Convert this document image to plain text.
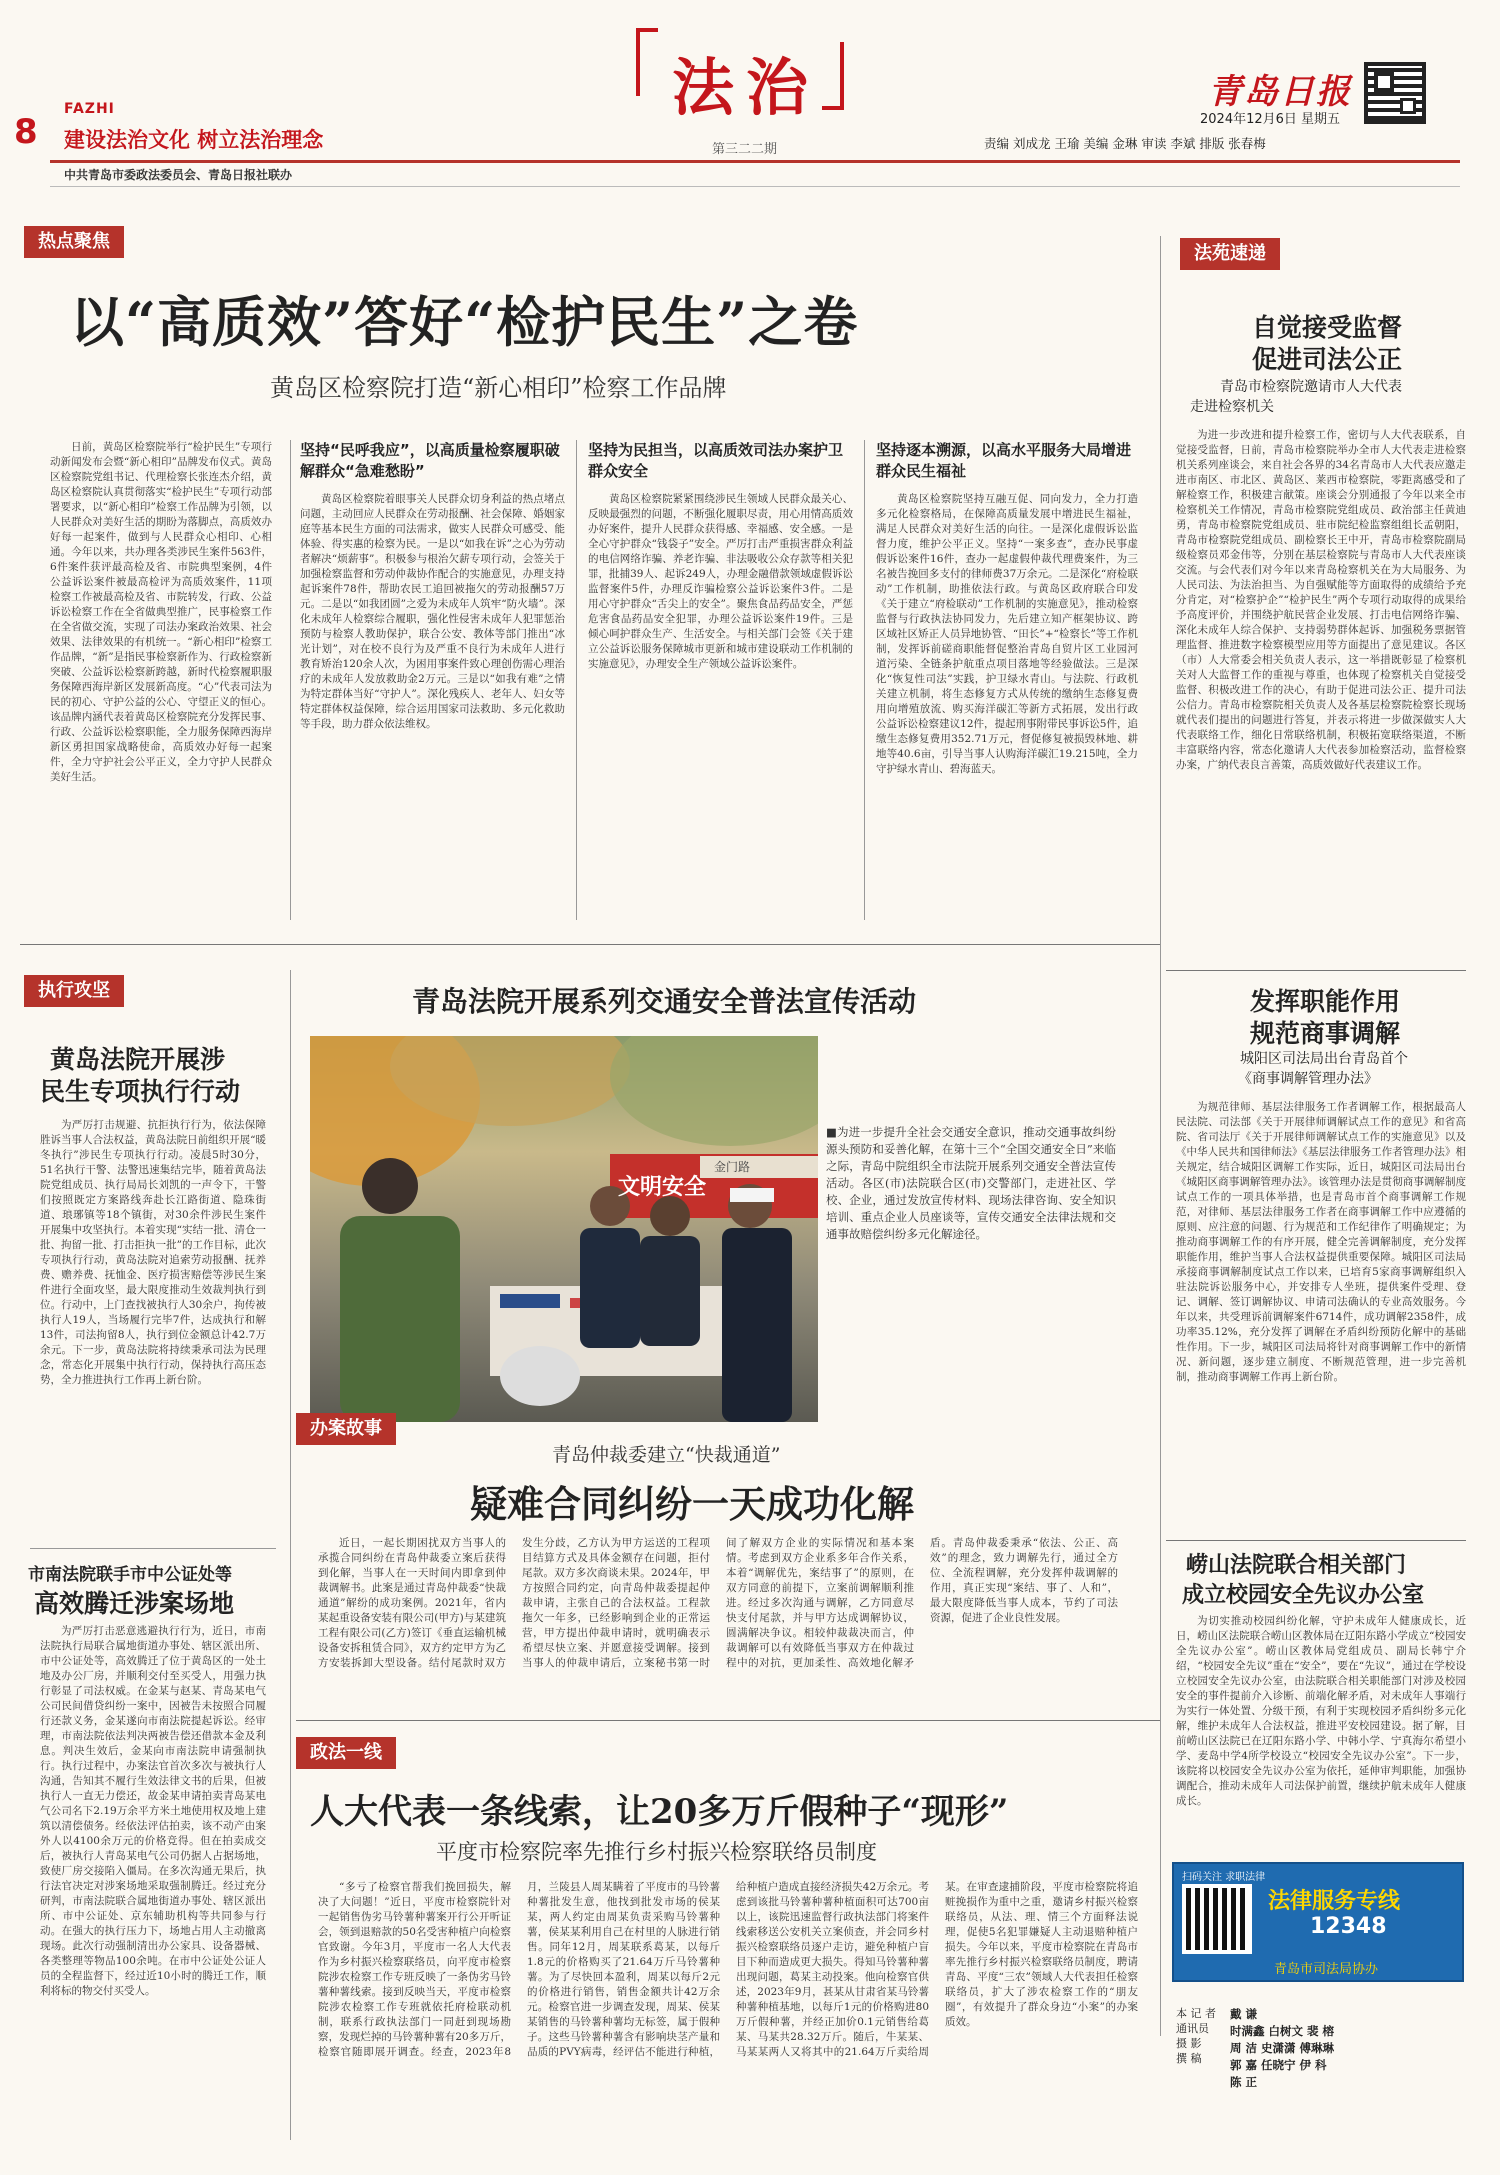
8
FAZHI
建设法治文化 树立法治理念
法治
第三二二期
青岛日报
2024年12月6日 星期五
责编 刘成龙 王瑜 美编 金琳 审读 李斌 排版 张春梅
中共青岛市委政法委员会、青岛日报社联办
热点聚焦
以“高质效”答好“检护民生”之卷
黄岛区检察院打造“新心相印”检察工作品牌

日前，黄岛区检察院举行“检护民生”专项行动新闻发布会暨“新心相印”品牌发布仪式。黄岛区检察院党组书记、代理检察长张连杰介绍，黄岛区检察院认真贯彻落实“检护民生”专项行动部署要求，以“新心相印”检察工作品牌为引领，以人民群众对美好生活的期盼为落脚点，高质效办好每一起案件，做到与人民群众心相印、心相通。今年以来，共办理各类涉民生案件563件，6件案件获评最高检及省、市院典型案例，4件公益诉讼案件被最高检评为高质效案件，11项检察工作被最高检及省、市院转发，行政、公益诉讼检察工作在全省做典型推广，民事检察工作在全省做交流，实现了司法办案政治效果、社会效果、法律效果的有机统一。“新心相印”检察工作品牌，“新”是指民事检察新作为、行政检察新突破、公益诉讼检察新跨越，新时代检察履职服务保障西海岸新区发展新高度。“心”代表司法为民的初心、守护公益的公心、守望正义的恒心。该品牌内涵代表着黄岛区检察院充分发挥民事、行政、公益诉讼检察职能，全力服务保障西海岸新区勇担国家战略使命，高质效办好每一起案件，全力守护社会公平正义，全力守护人民群众美好生活。

坚持“民呼我应”，以高质量检察履职破解群众“急难愁盼”

黄岛区检察院着眼事关人民群众切身利益的热点堵点问题，主动回应人民群众在劳动报酬、社会保障、婚姻家庭等基本民生方面的司法需求，做实人民群众可感受、能体验、得实惠的检察为民。一是以“如我在诉”之心为劳动者解决“烦薪事”。积极参与根治欠薪专项行动，会签关于加强检察监督和劳动仲裁协作配合的实施意见，办理支持起诉案件78件，帮助农民工追回被拖欠的劳动报酬57万元。二是以“如我团圆”之爱为未成年人筑牢“防火墙”。深化未成年人检察综合履职，强化性侵害未成年人犯罪惩治预防与检察人教助保护，联合公安、教体等部门推出“冰光计划”，对在校不良行为及严重不良行为未成年人进行教育矫治120余人次，为困用事案件致心理创伤需心理治疗的未成年人发放救助金2万元。三是以“如我有难”之情为特定群体当好“守护人”。深化残疾人、老年人、妇女等特定群体权益保障，综合运用国家司法救助、多元化救助等手段，助力群众依法维权。

坚持为民担当，以高质效司法办案护卫群众安全

黄岛区检察院紧紧围绕涉民生领域人民群众最关心、反映最强烈的问题，不断强化履职尽责，用心用情高质效办好案件，提升人民群众获得感、幸福感、安全感。一是全心守护群众“钱袋子”安全。严厉打击严重损害群众利益的电信网络诈骗、养老诈骗、非法吸收公众存款等相关犯罪，批捕39人、起诉249人，办理金融借款领域虚假诉讼监督案件5件，办理反诈骗检察公益诉讼案件3件。二是用心守护群众“舌尖上的安全”。聚焦食品药品安全，严惩危害食品药品安全犯罪，办理公益诉讼案件19件。三是倾心呵护群众生产、生活安全。与相关部门会签《关于建立公益诉讼服务保障城市更新和城市建设联动工作机制的实施意见》，办理安全生产领域公益诉讼案件。

坚持逐本溯源，以高水平服务大局增进群众民生福祉

黄岛区检察院坚持互融互促、同向发力，全力打造多元化检察格局，在保障高质量发展中增进民生福祉，满足人民群众对美好生活的向往。一是深化虚假诉讼监督力度，维护公平正义。坚持“一案多查”，查办民事虚假诉讼案件16件，查办一起虚假仲裁代理费案件，为三名被告挽回多支付的律师费37万余元。二是深化“府检联动”工作机制，助推依法行政。与黄岛区政府联合印发《关于建立“府检联动”工作机制的实施意见》，推动检察监督与行政执法协同发力，先后建立知产框架协议、跨区域社区矫正人员异地协管、“田长”+“检察长”等工作机制，发挥诉前磋商职能督促整治青岛自贸片区工业园河道污染、全链条护航重点项目落地等经验做法。三是深化“恢复性司法”实践，护卫绿水青山。与法院、行政机关建立机制，将生态修复方式从传统的缴纳生态修复费用向增殖放流、购买海洋碳汇等新方式拓展，发出行政公益诉讼检察建议12件，提起刑事附带民事诉讼5件，追缴生态修复费用352.71万元，督促修复被损毁林地、耕地等40.6亩，引导当事人认购海洋碳汇19.215吨，全力守护绿水青山、碧海蓝天。

法苑速递
自觉接受监督
促进司法公正
青岛市检察院邀请市人大代表
走进检察机关

为进一步改进和提升检察工作，密切与人大代表联系，自觉接受监督，日前，青岛市检察院举办全市人大代表走进检察机关系列座谈会，来自社会各界的34名青岛市人大代表应邀走进市南区、市北区、黄岛区、莱西市检察院，零距离感受和了解检察工作，积极建言献策。座谈会分别通报了今年以来全市检察机关工作情况，青岛市检察院党组成员、政治部主任黄迪勇，青岛市检察院党组成员、驻市院纪检监察组组长孟朝阳，青岛市检察院党组成员、副检察长王中开，青岛市检察院副局级检察员邓金伟等，分别在基层检察院与青岛市人大代表座谈交流。与会代表们对今年以来青岛检察机关在为大局服务、为人民司法、为法治担当、为自强赋能等方面取得的成绩给予充分肯定，对“检察护企”“检护民生”两个专项行动取得的成果给予高度评价，并围绕护航民营企业发展、打击电信网络诈骗、深化未成年人综合保护、支持弱势群体起诉、加强税务票据管理监督、推进数字检察模型应用等方面提出了意见建议。各区（市）人大常委会相关负责人表示，这一举措既彰显了检察机关对人大监督工作的重视与尊重，也体现了检察机关自觉接受监督、积极改进工作的决心，有助于促进司法公正、提升司法公信力。青岛市检察院相关负责人及各基层检察院检察长现场就代表们提出的问题进行答复，并表示将进一步做深做实人大代表联络工作，细化日常联络机制，积极拓宽联络渠道，不断丰富联络内容，常态化邀请人大代表参加检察活动，监督检察办案，广纳代表良言善策，高质效做好代表建议工作。

执行攻坚
黄岛法院开展涉
民生专项执行行动

为严厉打击规避、抗拒执行行为，依法保障胜诉当事人合法权益，黄岛法院日前组织开展“暖冬执行”涉民生专项执行行动。凌晨5时30分，51名执行干警、法警迅速集结完毕，随着黄岛法院党组成员、执行局局长刘凯的一声令下，干警们按照既定方案路线奔赴长江路街道、隐珠街道、琅琊镇等18个镇街，对30余件涉民生案件开展集中攻坚执行。本着实现“实结一批、清仓一批、拘留一批、打击拒执一批”的工作目标，此次专项执行行动，黄岛法院对追索劳动报酬、抚养费、赡养费、抚恤金、医疗损害赔偿等涉民生案件进行全面攻坚，最大限度推动生效裁判执行到位。行动中，上门查找被执行人30余户，拘传被执行人19人，当场履行完毕7件，达成执行和解13件，司法拘留8人，执行到位金额总计42.7万余元。下一步，黄岛法院将持续秉承司法为民理念，常态化开展集中执行行动，保持执行高压态势，全力推进执行工作再上新台阶。

市南法院联手市中公证处等
高效腾迁涉案场地

为严厉打击恶意逃避执行行为，近日，市南法院执行局联合属地街道办事处、辖区派出所、市中公证处等，高效腾迁了位于黄岛区的一处土地及办公厂房，并顺利交付至买受人，用强力执行彰显了司法权威。在金某与赵某、青岛某电气公司民间借贷纠纷一案中，因被告未按照合同履行还款义务，金某遂向市南法院提起诉讼。经审理，市南法院依法判决两被告偿还借款本金及利息。判决生效后，金某向市南法院申请强制执行。执行过程中，办案法官首次多次与被执行人沟通，告知其不履行生效法律文书的后果，但被执行人一直无力偿还，故金某申请拍卖青岛某电气公司名下2.19万余平方米土地使用权及地上建筑以清偿债务。经依法评估拍卖，该不动产由案外人以4100余万元的价格竞得。但在拍卖成交后，被执行人青岛某电气公司仍据人占据场地，致使厂房交接陷入僵局。在多次沟通无果后，执行法官决定对涉案场地采取强制腾迁。经过充分研判，市南法院联合属地街道办事处、辖区派出所、市中公证处、京东辅助机构等共同参与行动。在强大的执行压力下，场地占用人主动撤离现场。此次行动强制清出办公家具、设备器械、各类整理等物品100余吨。在市中公证处公证人员的全程监督下，经过近10小时的腾迁工作，顺利将标的物交付买受人。

青岛法院开展系列交通安全普法宣传活动
文明安全
金门路

■为进一步提升全社会交通安全意识，推动交通事故纠纷源头预防和妥善化解，在第十三个“全国交通安全日”来临之际，青岛中院组织全市法院开展系列交通安全普法宣传活动。各区(市)法院联合区(市)交警部门，走进社区、学校、企业，通过发放宣传材料、现场法律咨询、安全知识培训、重点企业人员座谈等，宣传交通安全法律法规和交通事故赔偿纠纷多元化解途径。

办案故事
青岛仲裁委建立“快裁通道”
疑难合同纠纷一天成功化解

近日，一起长期困扰双方当事人的承揽合同纠纷在青岛仲裁委立案后获得到化解，当事人在一天时间内即拿到仲裁调解书。此案是通过青岛仲裁委“快裁通道”解纷的成功案例。2021年，省内某起重设备安装有限公司(甲方)与某建筑工程有限公司(乙方)签订《垂直运输机械设备安拆租赁合同》，双方约定甲方为乙方安装拆卸大型设备。结付尾款时双方发生分歧，乙方认为甲方运送的工程项目结算方式及具体金额存在问题，拒付尾款。双方多次商谈未果。2024年，甲方按照合同约定，向青岛仲裁委提起仲裁申请，主张自己的合法权益。工程款拖欠一年多，已经影响到企业的正常运营，甲方提出仲裁申请时，就明确表示希望尽快立案、并愿意接受调解。接到当事人的仲裁申请后，立案秘书第一时间了解双方企业的实际情况和基本案情。考虑到双方企业系多年合作关系，本着“调解优先，案结事了”的原则，在双方同意的前提下，立案前调解顺利推进。经过多次沟通与调解，乙方同意尽快支付尾款，并与甲方达成调解协议，圆满解决争议。相较仲裁裁决而言，仲裁调解可以有效降低当事双方在仲裁过程中的对抗，更加柔性、高效地化解矛盾。青岛仲裁委秉承“依法、公正、高效”的理念，致力调解先行，通过全方位、全流程调解，充分发挥仲裁调解的作用，真正实现“案结、事了、人和”，最大限度降低当事人成本，节约了司法资源，促进了企业良性发展。

政法一线
人大代表一条线索，让20多万斤假种子“现形”
平度市检察院率先推行乡村振兴检察联络员制度

“多亏了检察官帮我们挽回损失，解决了大问题！”近日，平度市检察院针对一起销售伪劣马铃薯种薯案开行公开听证会，领到退赔款的50名受害种植户向检察官致谢。今年3月，平度市一名人大代表作为乡村振兴检察联络员，向平度市检察院涉农检察工作专班反映了一条伪劣马铃薯种薯线索。接到反映当天，平度市检察院涉农检察工作专班就依托府检联动机制，联系行政执法部门一同赶到现场勘察，发现烂掉的马铃薯种薯有20多万斤，检察官随即展开调查。经查，2023年8月，兰陵县人周某瞒着了平度市的马铃薯种薯批发生意，他找到批发市场的侯某某，两人约定由周某负责采购马铃薯种薯，侯某某利用自己在村里的人脉进行销售。同年12月，周某联系葛某，以每斤1.8元的价格购买了21.64万斤马铃薯种薯。为了尽快回本盈利，周某以每斤2元的价格进行销售，销售金额共计42万余元。检察官进一步调查发现，周某、侯某某销售的马铃薯种薯均无标签，属于假种子。这些马铃薯种薯含有影响块茎产量和品质的PVY病毒，经评估不能进行种植，给种植户造成直接经济损失42万余元。考虑到该批马铃薯种薯种植面积可达700亩以上，该院迅速监督行政执法部门将案件线索移送公安机关立案侦查，并会同乡村振兴检察联络员逐户走访，避免种植户盲目下种而造成更大损失。得知马铃薯种薯出现问题，葛某主动投案。他向检察官供述，2023年9月，甚某从甘肃省某马铃薯种薯种植基地，以每斤1元的价格购进80万斤假种薯，并经正加价0.1元销售给葛某、马某共28.32万斤。随后，牛某某、马某某两人又将其中的21.64万斤卖给周某。在审查逮捕阶段，平度市检察院将追赃挽损作为重中之重，邀请乡村振兴检察联络员，从法、理、情三个方面释法说理，促使5名犯罪嫌疑人主动退赔种植户损失。今年以来，平度市检察院在青岛市率先推行乡村振兴检察联络员制度，聘请青岛、平度“三农”领域人大代表担任检察联络员，扩大了涉农检察工作的“朋友圈”，有效提升了群众身边“小案”的办案质效。

发挥职能作用
规范商事调解
城阳区司法局出台青岛首个
《商事调解管理办法》

为规范律师、基层法律服务工作者调解工作，根据最高人民法院、司法部《关于开展律师调解试点工作的意见》和省高院、省司法厅《关于开展律师调解试点工作的实施意见》以及《中华人民共和国律师法》《基层法律服务工作者管理办法》相关规定，结合城阳区调解工作实际，近日，城阳区司法局出台《城阳区商事调解管理办法》。该管理办法是贯彻商事调解制度试点工作的一项具体举措，也是青岛市首个商事调解工作规范，对律师、基层法律服务工作者在商事调解工作中应遵循的原则、应注意的问题、行为规范和工作纪律作了明确规定；为推动商事调解工作的有序开展，健全完善调解制度，充分发挥职能作用，维护当事人合法权益提供重要保障。城阳区司法局承接商事调解制度试点工作以来，已培育5家商事调解组织入驻法院诉讼服务中心，并安排专人坐班，提供案件受理、登记、调解、签订调解协议、申请司法确认的专业高效服务。今年以来，共受理诉前调解案件6714件，成功调解2358件，成功率35.12%，充分发挥了调解在矛盾纠纷预防化解中的基础性作用。下一步，城阳区司法局将针对商事调解工作中的新情况、新问题，逐步建立制度、不断规范管理，进一步完善机制，推动商事调解工作再上新台阶。

崂山法院联合相关部门
成立校园安全先议办公室

为切实推动校园纠纷化解，守护未成年人健康成长，近日，崂山区法院联合崂山区教体局在辽阳东路小学成立“校园安全先议办公室”。崂山区教体局党组成员、副局长韩宁介绍，“校园安全先议”重在“安全”，要在“先议”，通过在学校设立校园安全先议办公室，由法院联合相关职能部门对涉及校园安全的事件提前介入诊断、前端化解矛盾，对未成年人事端行为实行一体处置、分级干预，有利于实现校园矛盾纠纷多元化解，维护未成年人合法权益，推进平安校园建设。据了解，目前崂山区法院已在辽阳东路小学、中韩小学、宁真海尔希望小学、麦岛中学4所学校设立“校园安全先议办公室”。下一步，该院将以校园安全先议办公室为依托，延伸审判职能，加强协调配合，推动未成年人司法保护前置，继续护航未成年人健康成长。

扫码关注 求职法律
法律服务专线
12348
青岛市司法局协办
本 记 者
通讯员
摄 影
撰 稿
戴 谦
时满鑫 白树文 裴 榕
周 洁 史潇潇 傅琳琳
郭 嘉 任晓宁 伊 科
陈 正
